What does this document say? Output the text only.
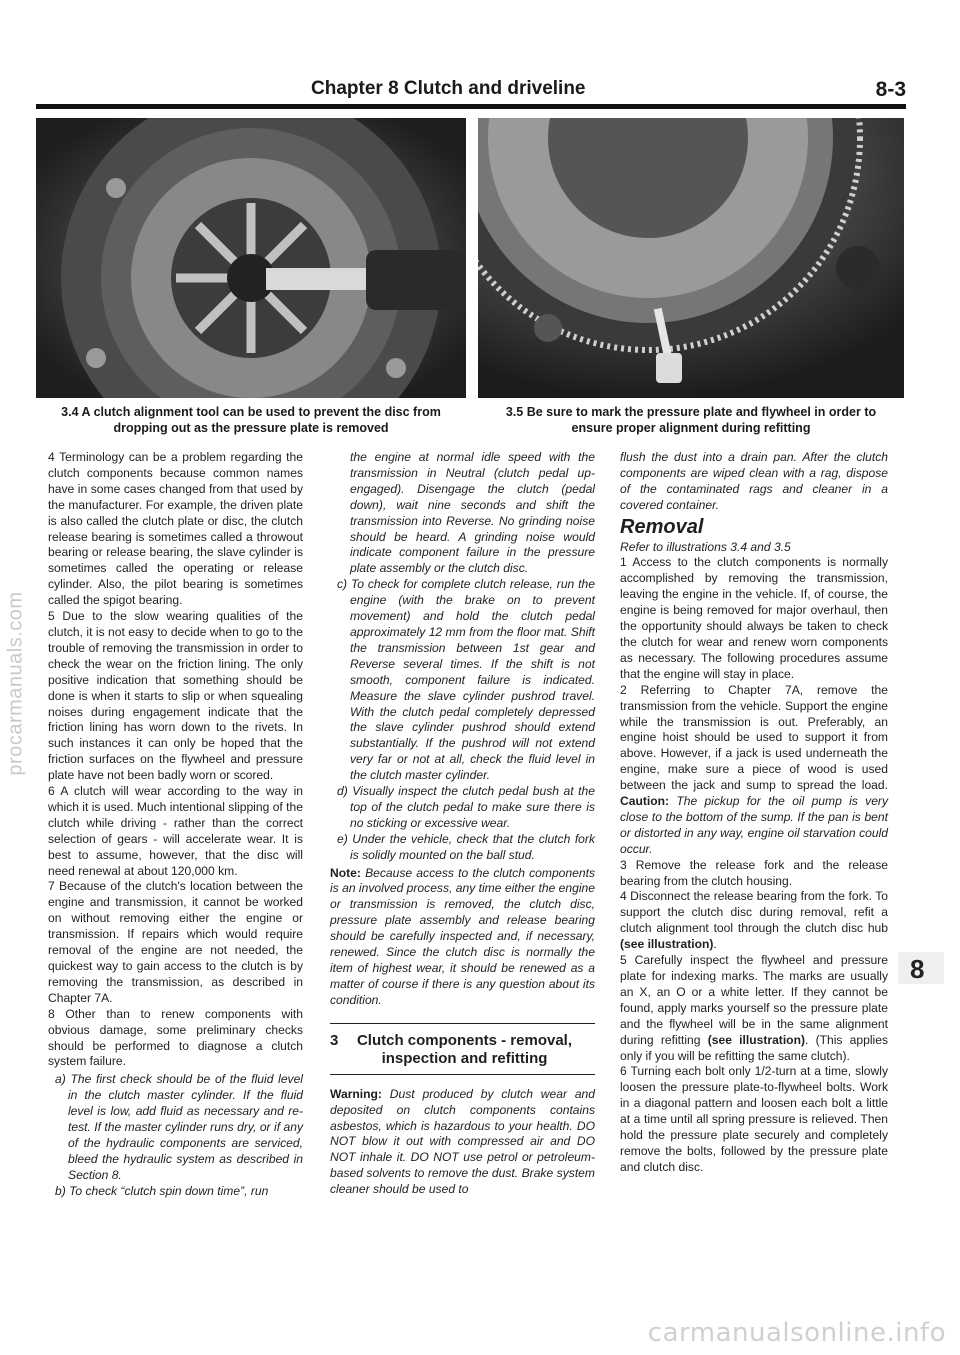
Chapter 8 Clutch and driveline	8-3
3.4 A clutch alignment tool can be used to prevent the disc from
dropping out as the pressure plate is removed
3.5 Be sure to mark the pressure plate and flywheel in order to
ensure proper alignment during refitting

4 Terminology can be a problem regarding the clutch components because common names have in some cases changed from that used by the manufacturer. For example, the driven plate is also called the clutch plate or disc, the clutch release bearing is sometimes called a throwout bearing or release bearing, the slave cylinder is sometimes called the operating or release cylinder. Also, the pilot bearing is sometimes called the spigot bearing.

5 Due to the slow wearing qualities of the clutch, it is not easy to decide when to go to the trouble of removing the transmission in order to check the wear on the friction lining. The only positive indication that something should be done is when it starts to slip or when squealing noises during engagement indicate that the friction lining has worn down to the rivets. In such instances it can only be hoped that the friction surfaces on the flywheel and pressure plate have not been badly worn or scored.

6 A clutch will wear according to the way in which it is used. Much intentional slipping of the clutch while driving - rather than the correct selection of gears - will accelerate wear. It is best to assume, however, that the disc will need renewal at about 120,000 km.

7 Because of the clutch's location between the engine and transmission, it cannot be worked on without removing either the engine or transmission. If repairs which would require removal of the engine are not needed, the quickest way to gain access to the clutch is by removing the transmission, as described in Chapter 7A.

8 Other than to renew components with obvious damage, some preliminary checks should be performed to diagnose a clutch system failure.

a) The first check should be of the fluid level in the clutch master cylinder. If the fluid level is low, add fluid as necessary and re-test. If the master cylinder runs dry, or if any of the hydraulic components are serviced, bleed the hydraulic system as described in Section 8.

b) To check “clutch spin down time”, run

the engine at normal idle speed with the transmission in Neutral (clutch pedal up-engaged). Disengage the clutch (pedal down), wait nine seconds and shift the transmission into Reverse. No grinding noise should be heard. A grinding noise would indicate component failure in the pressure plate assembly or the clutch disc.

c) To check for complete clutch release, run the engine (with the brake on to prevent movement) and hold the clutch pedal approximately 12 mm from the floor mat. Shift the transmission between 1st gear and Reverse several times. If the shift is not smooth, component failure is indicated. Measure the slave cylinder pushrod travel. With the clutch pedal completely depressed the slave cylinder pushrod should extend substantially. If the pushrod will not extend very far or not at all, check the fluid level in the clutch master cylinder.

d) Visually inspect the clutch pedal bush at the top of the clutch pedal to make sure there is no sticking or excessive wear.

e) Under the vehicle, check that the clutch fork is solidly mounted on the ball stud.

Note: Because access to the clutch components is an involved process, any time either the engine or transmission is removed, the clutch disc, pressure plate assembly and release bearing should be carefully inspected and, if necessary, renewed. Since the clutch disc is normally the item of highest wear, it should be renewed as a matter of course if there is any question about its condition.

3	Clutch components - removal, inspection and refitting

Warning: Dust produced by clutch wear and deposited on clutch components contains asbestos, which is hazardous to your health. DO NOT blow it out with compressed air and DO NOT inhale it. DO NOT use petrol or petroleum-based solvents to remove the dust. Brake system cleaner should be used to

flush the dust into a drain pan. After the clutch components are wiped clean with a rag, dispose of the contaminated rags and cleaner in a covered container.

Removal

Refer to illustrations 3.4 and 3.5

1 Access to the clutch components is normally accomplished by removing the transmission, leaving the engine in the vehicle. If, of course, the engine is being removed for major overhaul, then the opportunity should always be taken to check the clutch for wear and renew worn components as necessary. The following procedures assume that the engine will stay in place.

2 Referring to Chapter 7A, remove the transmission from the vehicle. Support the engine while the transmission is out. Preferably, an engine hoist should be used to support it from above. However, if a jack is used underneath the engine, make sure a piece of wood is used between the jack and sump to spread the load. Caution: The pickup for the oil pump is very close to the bottom of the sump. If the pan is bent or distorted in any way, engine oil starvation could occur.

3 Remove the release fork and the release bearing from the clutch housing.

4 Disconnect the release bearing from the fork. To support the clutch disc during removal, refit a clutch alignment tool through the clutch disc hub (see illustration).

5 Carefully inspect the flywheel and pressure plate for indexing marks. The marks are usually an X, an O or a white letter. If they cannot be found, apply marks yourself so the pressure plate and the flywheel will be in the same alignment during refitting (see illustration). (This applies only if you will be refitting the same clutch).

6 Turning each bolt only 1/2-turn at a time, slowly loosen the pressure plate-to-flywheel bolts. Work in a diagonal pattern and loosen each bolt a little at a time until all spring pressure is relieved. Then hold the pressure plate securely and completely remove the bolts, followed by the pressure plate and clutch disc.

8
procarmanuals.com
carmanualsonline.info
